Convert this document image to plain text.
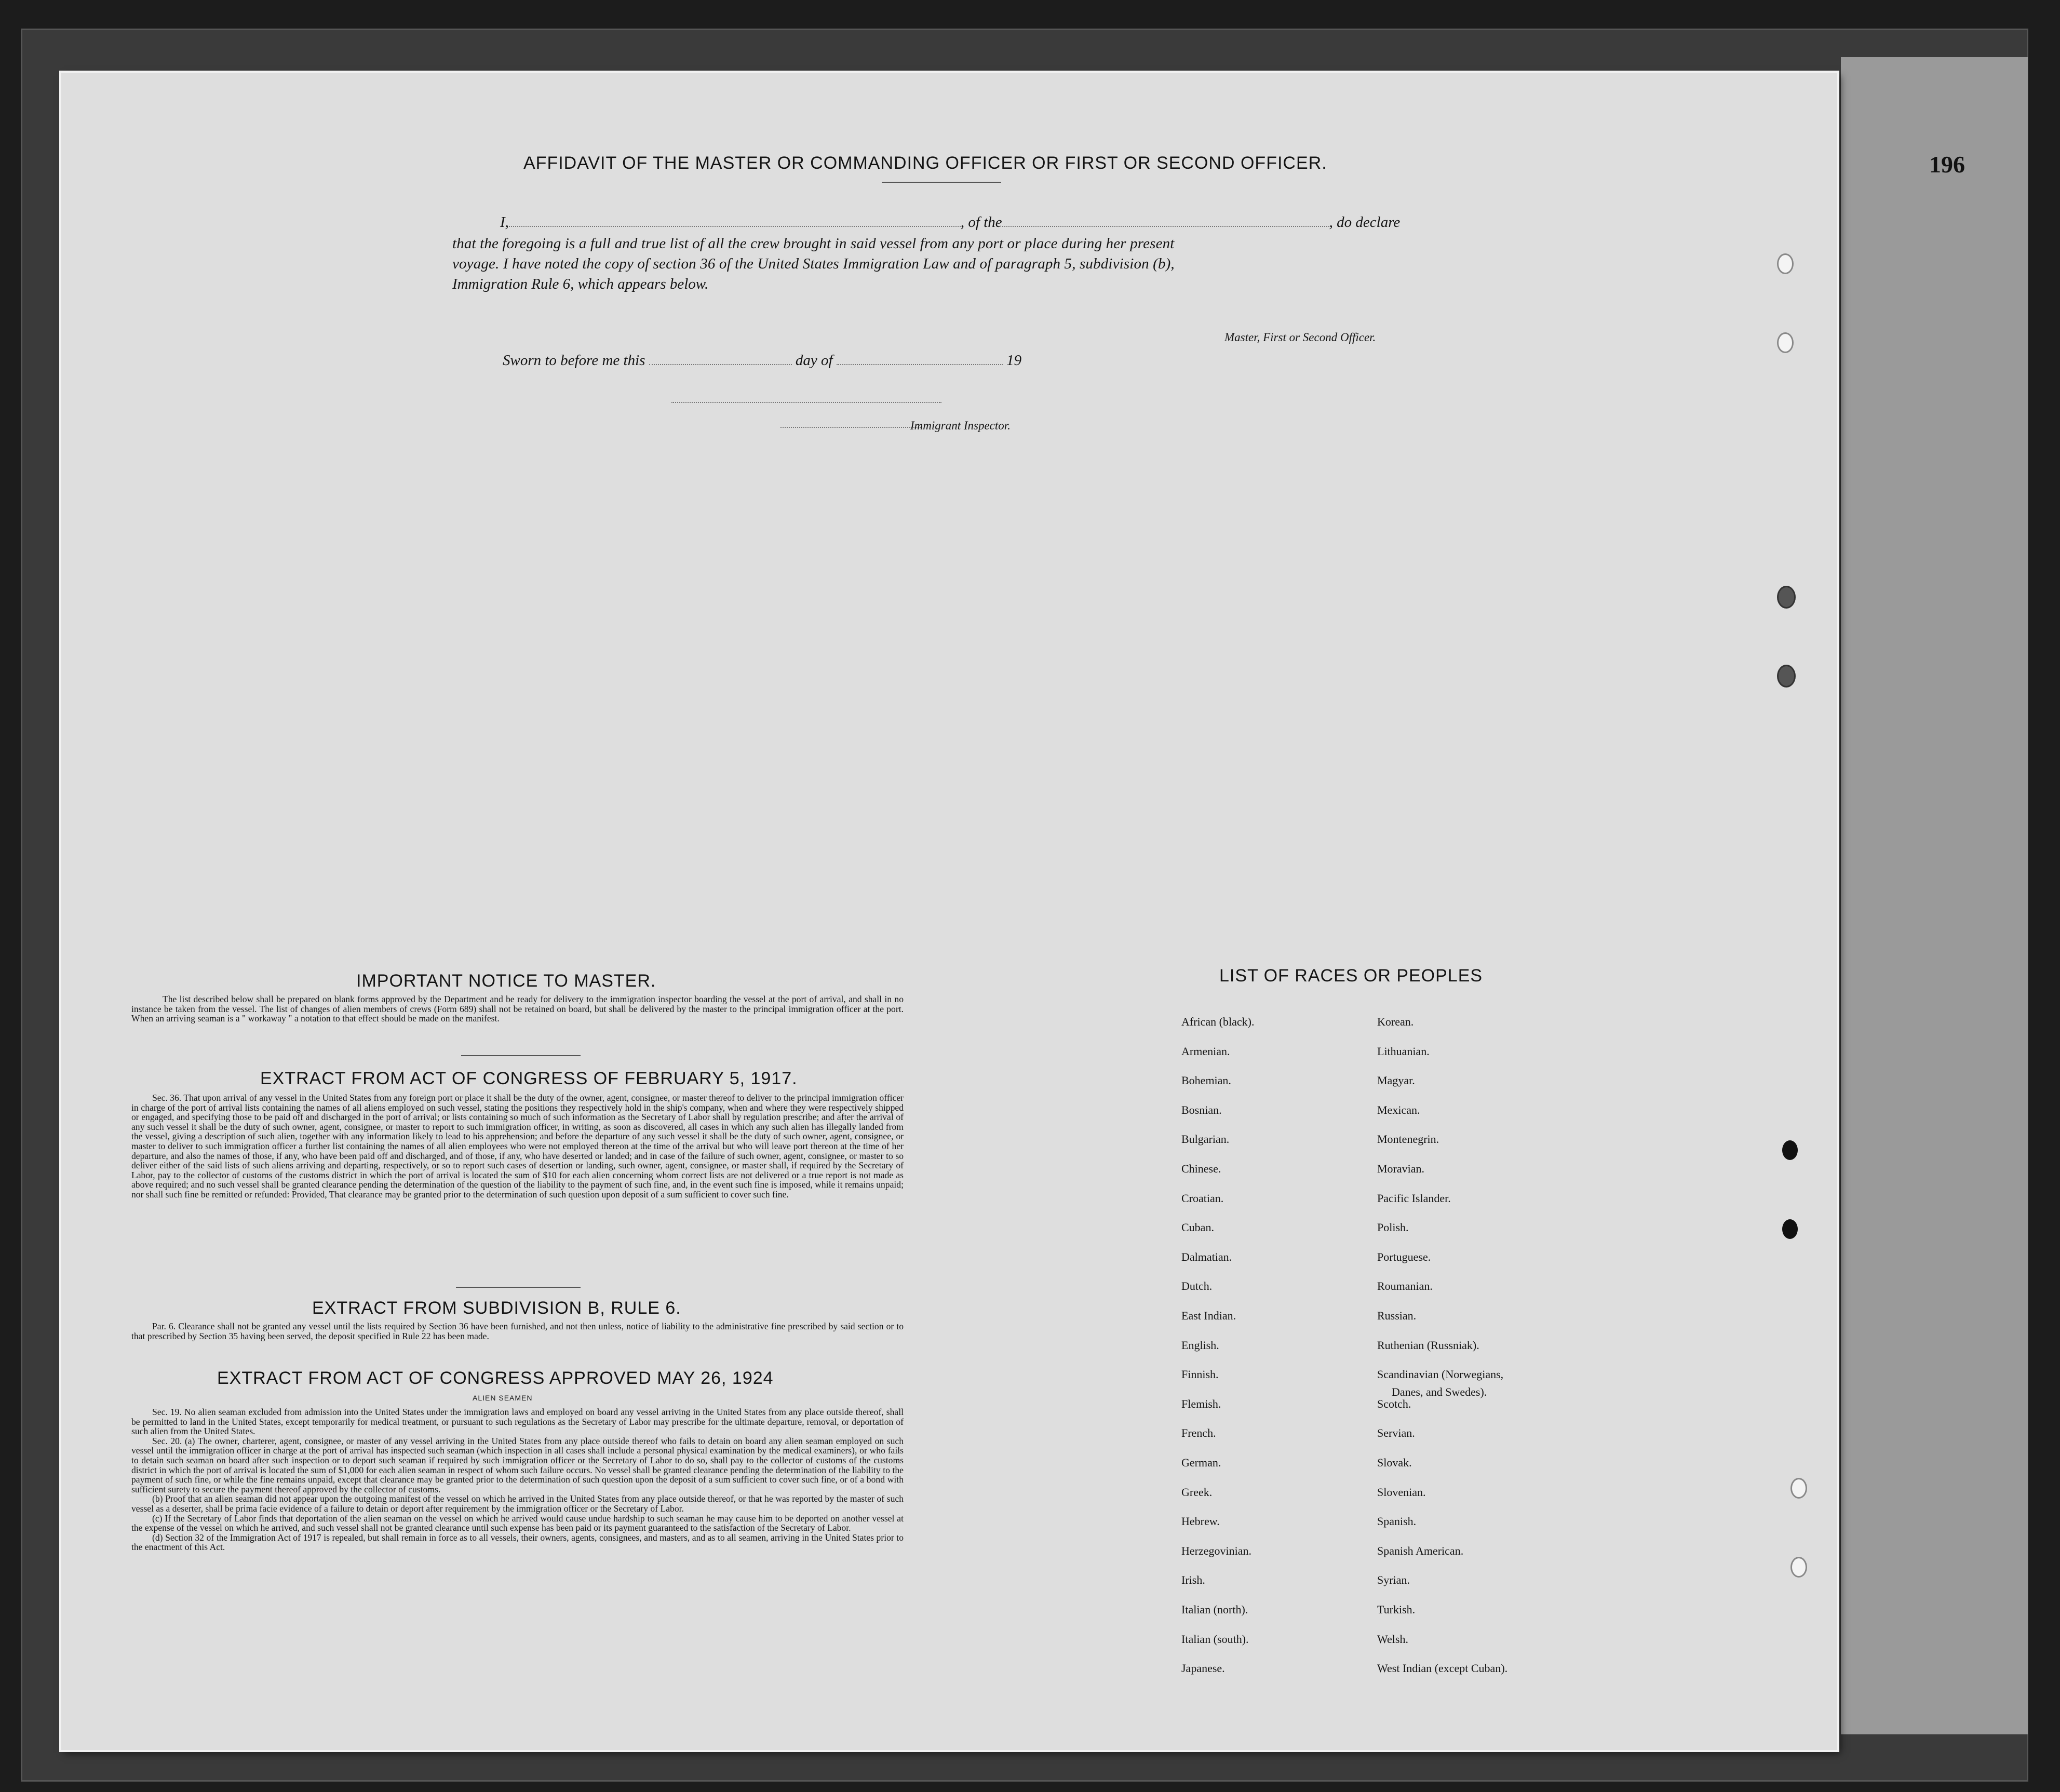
196
AFFIDAVIT OF THE MASTER OR COMMANDING OFFICER OR FIRST OR SECOND OFFICER.
I,	, of the	, do declare
that the foregoing is a full and true list of all the crew brought in said vessel from any port or place during her present
voyage. I have noted the copy of section 36 of the United States Immigration Law and of paragraph 5, subdivision (b),
Immigration Rule 6, which appears below.
Master, First or Second Officer.
Sworn to before me this	day of	19
Immigrant Inspector.
IMPORTANT NOTICE TO MASTER.
The list described below shall be prepared on blank forms approved by the Department and be ready for delivery to the immigration inspector boarding the vessel at the port of arrival, and shall in no instance be taken from the vessel. The list of changes of alien members of crews (Form 689) shall not be retained on board, but shall be delivered by the master to the principal immigration officer at the port. When an arriving seaman is a " workaway " a notation to that effect should be made on the manifest.
EXTRACT FROM ACT OF CONGRESS OF FEBRUARY 5, 1917.
Sec. 36. That upon arrival of any vessel in the United States from any foreign port or place it shall be the duty of the owner, agent, consignee, or master thereof to deliver to the principal immigration officer in charge of the port of arrival lists containing the names of all aliens employed on such vessel, stating the positions they respectively hold in the ship's company, when and where they were respectively shipped or engaged, and specifying those to be paid off and discharged in the port of arrival; or lists containing so much of such information as the Secretary of Labor shall by regulation prescribe; and after the arrival of any such vessel it shall be the duty of such owner, agent, consignee, or master to report to such immigration officer, in writing, as soon as discovered, all cases in which any such alien has illegally landed from the vessel, giving a description of such alien, together with any information likely to lead to his apprehension; and before the departure of any such vessel it shall be the duty of such owner, agent, consignee, or master to deliver to such immigration officer a further list containing the names of all alien employees who were not employed thereon at the time of the arrival but who will leave port thereon at the time of her departure, and also the names of those, if any, who have been paid off and discharged, and of those, if any, who have deserted or landed; and in case of the failure of such owner, agent, consignee, or master to so deliver either of the said lists of such aliens arriving and departing, respectively, or so to report such cases of desertion or landing, such owner, agent, consignee, or master shall, if required by the Secretary of Labor, pay to the collector of customs of the customs district in which the port of arrival is located the sum of $10 for each alien concerning whom correct lists are not delivered or a true report is not made as above required; and no such vessel shall be granted clearance pending the determination of the question of the liability to the payment of such fine, and, in the event such fine is imposed, while it remains unpaid; nor shall such fine be remitted or refunded: Provided, That clearance may be granted prior to the determination of such question upon deposit of a sum sufficient to cover such fine.
EXTRACT FROM SUBDIVISION B, RULE 6.
Par. 6. Clearance shall not be granted any vessel until the lists required by Section 36 have been furnished, and not then unless, notice of liability to the administrative fine prescribed by said section or to that prescribed by Section 35 having been served, the deposit specified in Rule 22 has been made.
EXTRACT FROM ACT OF CONGRESS APPROVED MAY 26, 1924
ALIEN SEAMEN
Sec. 19. No alien seaman excluded from admission into the United States under the immigration laws and employed on board any vessel arriving in the United States from any place outside thereof, shall be permitted to land in the United States, except temporarily for medical treatment, or pursuant to such regulations as the Secretary of Labor may prescribe for the ultimate departure, removal, or deportation of such alien from the United States.
Sec. 20. (a) The owner, charterer, agent, consignee, or master of any vessel arriving in the United States from any place outside thereof who fails to detain on board any alien seaman employed on such vessel until the immigration officer in charge at the port of arrival has inspected such seaman (which inspection in all cases shall include a personal physical examination by the medical examiners), or who fails to detain such seaman on board after such inspection or to deport such seaman if required by such immigration officer or the Secretary of Labor to do so, shall pay to the collector of customs of the customs district in which the port of arrival is located the sum of $1,000 for each alien seaman in respect of whom such failure occurs. No vessel shall be granted clearance pending the determination of the liability to the payment of such fine, or while the fine remains unpaid, except that clearance may be granted prior to the determination of such question upon the deposit of a sum sufficient to cover such fine, or of a bond with sufficient surety to secure the payment thereof approved by the collector of customs.
(b) Proof that an alien seaman did not appear upon the outgoing manifest of the vessel on which he arrived in the United States from any place outside thereof, or that he was reported by the master of such vessel as a deserter, shall be prima facie evidence of a failure to detain or deport after requirement by the immigration officer or the Secretary of Labor.
(c) If the Secretary of Labor finds that deportation of the alien seaman on the vessel on which he arrived would cause undue hardship to such seaman he may cause him to be deported on another vessel at the expense of the vessel on which he arrived, and such vessel shall not be granted clearance until such expense has been paid or its payment guaranteed to the satisfaction of the Secretary of Labor.
(d) Section 32 of the Immigration Act of 1917 is repealed, but shall remain in force as to all vessels, their owners, agents, consignees, and masters, and as to all seamen, arriving in the United States prior to the enactment of this Act.
LIST OF RACES OR PEOPLES
African (black).
Armenian.
Bohemian.
Bosnian.
Bulgarian.
Chinese.
Croatian.
Cuban.
Dalmatian.
Dutch.
East Indian.
English.
Finnish.
Flemish.
French.
German.
Greek.
Hebrew.
Herzegovinian.
Irish.
Italian (north).
Italian (south).
Japanese.
Korean.
Lithuanian.
Magyar.
Mexican.
Montenegrin.
Moravian.
Pacific Islander.
Polish.
Portuguese.
Roumanian.
Russian.
Ruthenian (Russniak).
Scandinavian (Norwegians,
Scotch.
Servian.
Slovak.
Slovenian.
Spanish.
Spanish American.
Syrian.
Turkish.
Welsh.
West Indian (except Cuban).
Danes, and Swedes).
